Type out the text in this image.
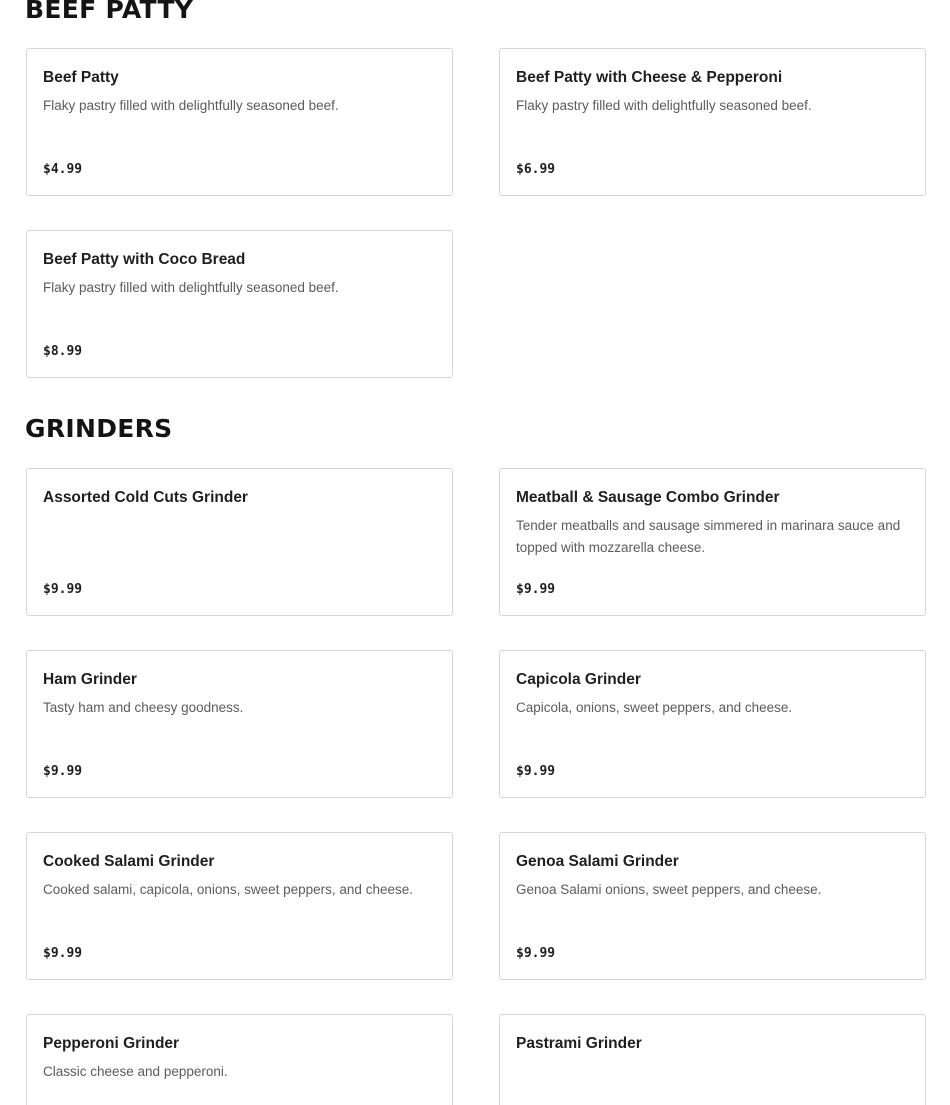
BEEF PATTY
Beef Patty
Flaky pastry filled with delightfully seasoned beef.
$4.99
Beef Patty with Cheese & Pepperoni
Flaky pastry filled with delightfully seasoned beef.
$6.99
Beef Patty with Coco Bread
Flaky pastry filled with delightfully seasoned beef.
$8.99
GRINDERS
Assorted Cold Cuts Grinder
$9.99
Meatball & Sausage Combo Grinder
Tender meatballs and sausage simmered in marinara sauce and topped with mozzarella cheese.
$9.99
Ham Grinder
Tasty ham and cheesy goodness.
$9.99
Capicola Grinder
Capicola, onions, sweet peppers, and cheese.
$9.99
Cooked Salami Grinder
Cooked salami, capicola, onions, sweet peppers, and cheese.
$9.99
Genoa Salami Grinder
Genoa Salami onions, sweet peppers, and cheese.
$9.99
Pepperoni Grinder
Classic cheese and pepperoni.
Pastrami Grinder
